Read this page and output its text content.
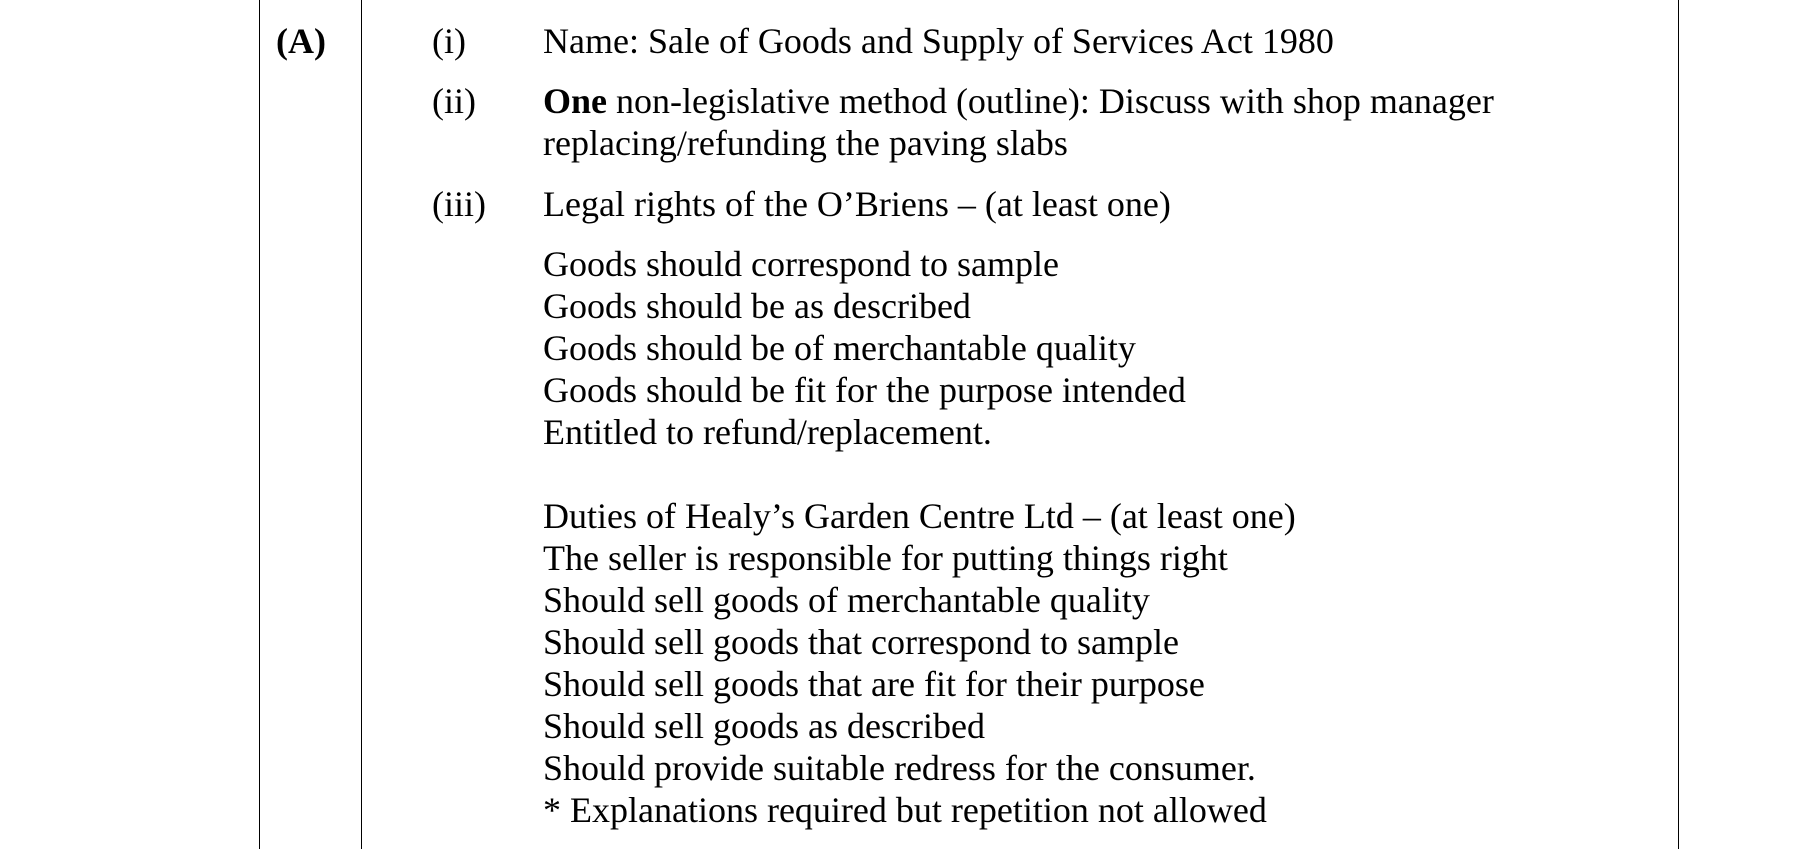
(A)	(i) Name: Sale of Goods and Supply of Services Act 1980
(ii) One non-legislative method (outline): Discuss with shop manager
replacing/refunding the paving slabs
(iii) Legal rights of the O’Briens – (at least one)
Goods should correspond to sample
Goods should be as described
Goods should be of merchantable quality
Goods should be fit for the purpose intended
Entitled to refund/replacement.
Duties of Healy’s Garden Centre Ltd – (at least one)
The seller is responsible for putting things right
Should sell goods of merchantable quality
Should sell goods that correspond to sample
Should sell goods that are fit for their purpose
Should sell goods as described
Should provide suitable redress for the consumer.
* Explanations required but repetition not allowed
